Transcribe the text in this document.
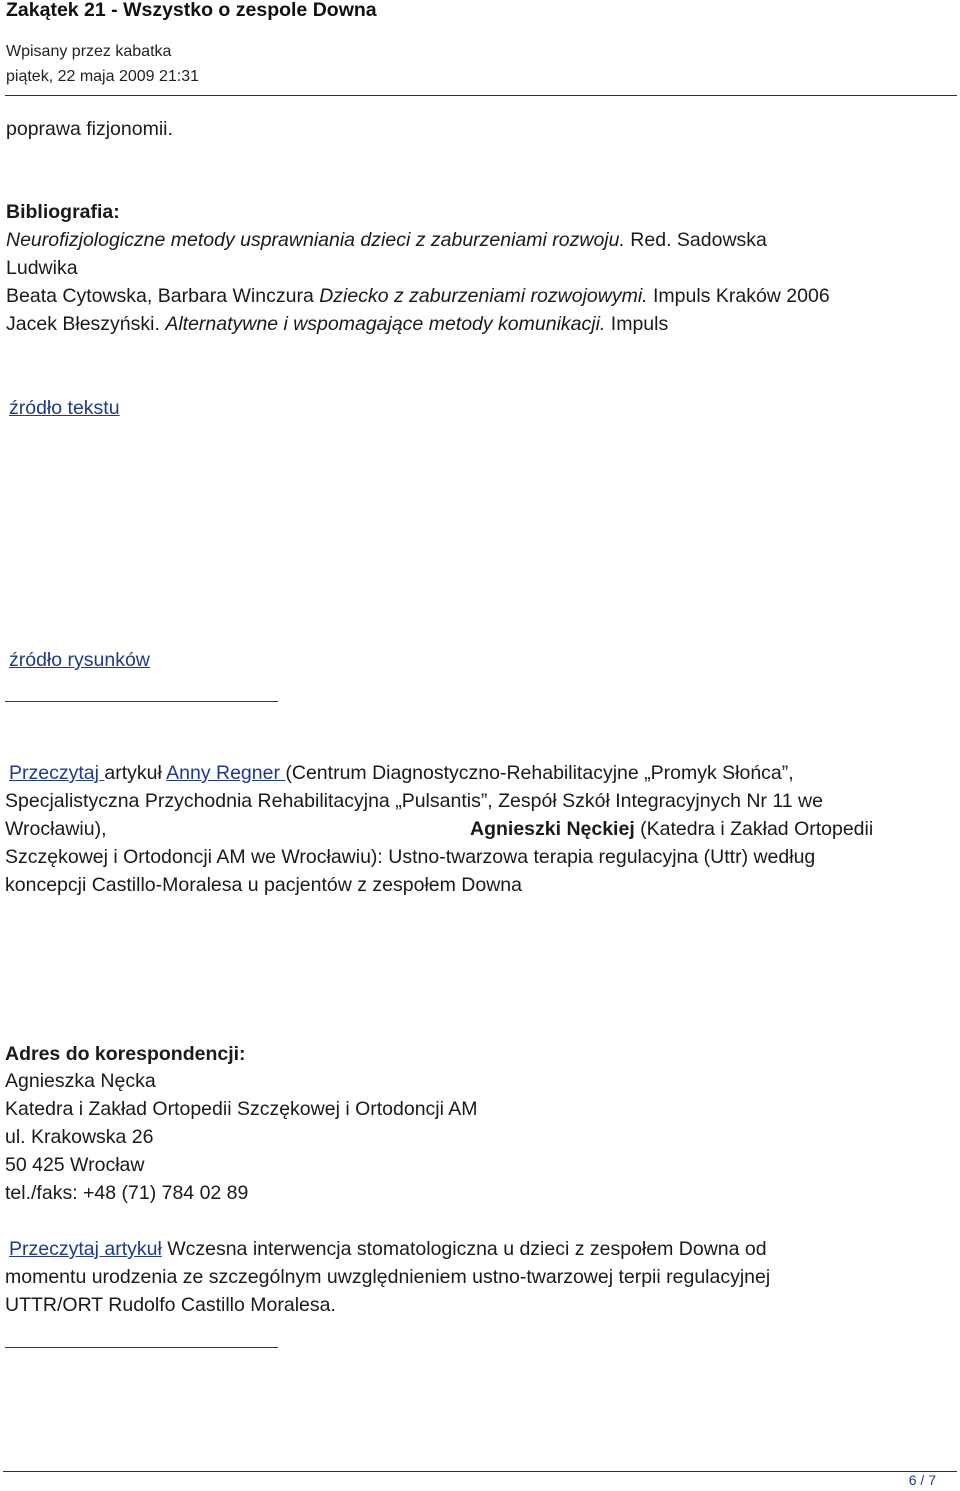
Zakątek 21 - Wszystko o zespole Downa
Wpisany przez kabatka
piątek, 22 maja 2009 21:31
poprawa fizjonomii.
Bibliografia:
Neurofizjologiczne metody usprawniania dzieci z zaburzeniami rozwoju. Red. Sadowska
Ludwika
Beata Cytowska, Barbara Winczura Dziecko z zaburzeniami rozwojowymi. Impuls Kraków 2006
Jacek Błeszyński. Alternatywne i wspomagające metody komunikacji. Impuls
źródło tekstu
źródło rysunków
Przeczytaj artykuł Anny Regner (Centrum Diagnostyczno-Rehabilitacyjne „Promyk Słońca”,
Specjalistyczna Przychodnia Rehabilitacyjna „Pulsantis”, Zespół Szkół Integracyjnych Nr 11 we
Wrocławiu),	Agnieszki Nęckiej (Katedra i Zakład Ortopedii
Szczękowej i Ortodoncji AM we Wrocławiu): Ustno-twarzowa terapia regulacyjna (Uttr) według
koncepcji Castillo-Moralesa u pacjentów z zespołem Downa
Adres do korespondencji:
Agnieszka Nęcka
Katedra i Zakład Ortopedii Szczękowej i Ortodoncji AM
ul. Krakowska 26
50 425 Wrocław
tel./faks: +48 (71) 784 02 89
Przeczytaj artykuł Wczesna interwencja stomatologiczna u dzieci z zespołem Downa od
momentu urodzenia ze szczególnym uwzględnieniem ustno-twarzowej terpii regulacyjnej
UTTR/ORT Rudolfo Castillo Moralesa.
6 / 7
